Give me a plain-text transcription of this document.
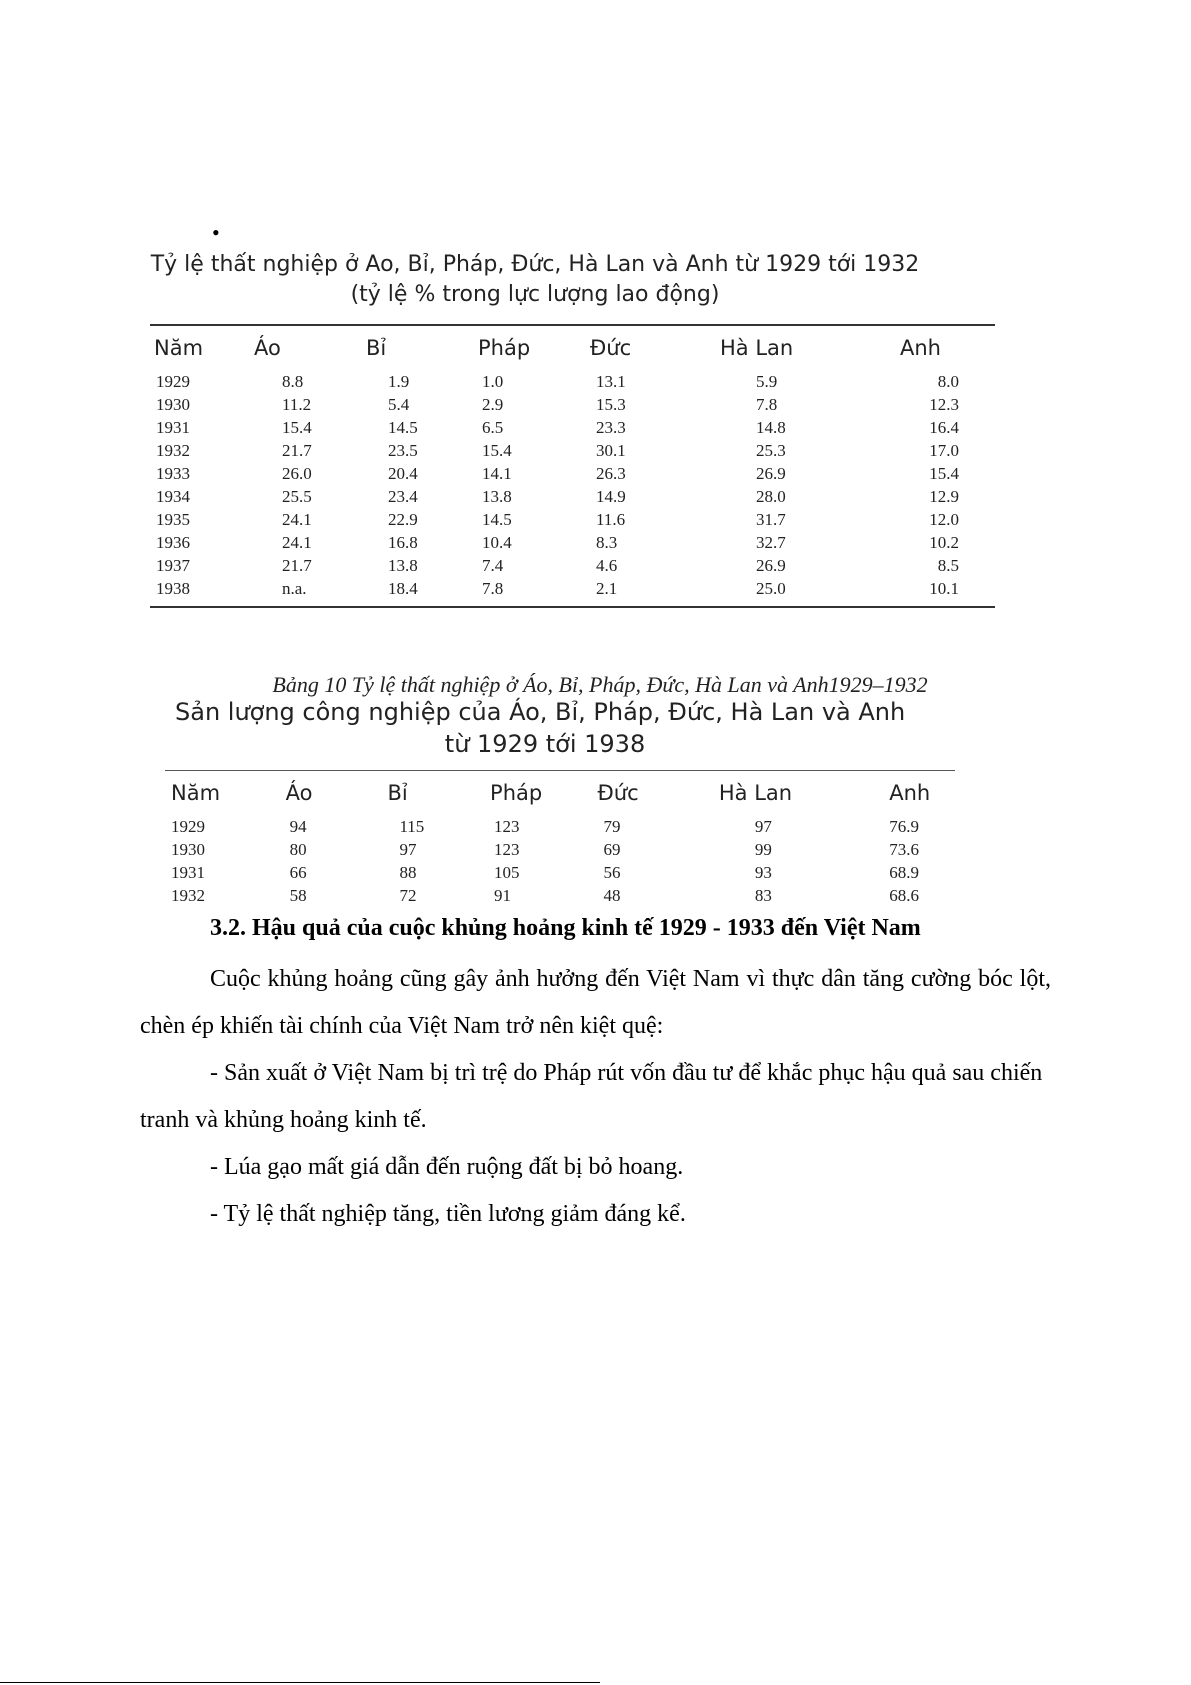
•
Tỷ lệ thất nghiệp ở Ao, Bỉ, Pháp, Đức, Hà Lan và Anh từ 1929 tới 1932
(tỷ lệ % trong lực lượng lao động)
Năm	Áo	Bỉ	Pháp	Đức	Hà Lan	Anh
1929	8.8	1.9	1.0	13.1	5.9	8.0
1930	11.2	5.4	2.9	15.3	7.8	12.3
1931	15.4	14.5	6.5	23.3	14.8	16.4
1932	21.7	23.5	15.4	30.1	25.3	17.0
1933	26.0	20.4	14.1	26.3	26.9	15.4
1934	25.5	23.4	13.8	14.9	28.0	12.9
1935	24.1	22.9	14.5	11.6	31.7	12.0
1936	24.1	16.8	10.4	8.3	32.7	10.2
1937	21.7	13.8	7.4	4.6	26.9	8.5
1938	n.a.	18.4	7.8	2.1	25.0	10.1
Bảng 10 Tỷ lệ thất nghiệp ở Áo, Bỉ, Pháp, Đức, Hà Lan và Anh1929–1932
Sản lượng công nghiệp của Áo, Bỉ, Pháp, Đức, Hà Lan và Anh
từ 1929 tới 1938
Năm	Áo	Bỉ	Pháp	Đức	Hà Lan	Anh
1929	94	115	123	79	97	76.9
1930	80	97	123	69	99	73.6
1931	66	88	105	56	93	68.9
1932	58	72	91	48	83	68.6
3.2. Hậu quả của cuộc khủng hoảng kinh tế 1929 - 1933 đến Việt Nam
Cuộc khủng hoảng cũng gây ảnh hưởng đến Việt Nam vì thực dân tăng cường bóc lột, chèn ép khiến tài chính của Việt Nam trở nên kiệt quệ:
- Sản xuất ở Việt Nam bị trì trệ do Pháp rút vốn đầu tư để khắc phục hậu quả sau chiến tranh và khủng hoảng kinh tế.
- Lúa gạo mất giá dẫn đến ruộng đất bị bỏ hoang.
- Tỷ lệ thất nghiệp tăng, tiền lương giảm đáng kể.
